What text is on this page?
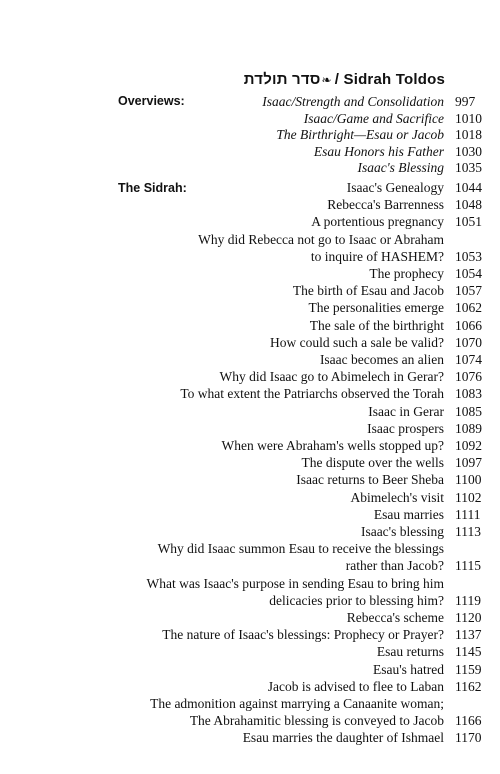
סדר תולדת❧ / Sidrah Toldos
Overviews:
The Sidrah:
Isaac/Strength and Consolidation 997
Isaac/Game and Sacrifice 1010
The Birthright—Esau or Jacob 1018
Esau Honors his Father 1030
Isaac's Blessing 1035
Isaac's Genealogy 1044
Rebecca's Barrenness 1048
A portentious pregnancy 1051
Why did Rebecca not go to Isaac or Abraham
to inquire of HASHEM? 1053
The prophecy 1054
The birth of Esau and Jacob 1057
The personalities emerge 1062
The sale of the birthright 1066
How could such a sale be valid? 1070
Isaac becomes an alien 1074
Why did Isaac go to Abimelech in Gerar? 1076
To what extent the Patriarchs observed the Torah 1083
Isaac in Gerar 1085
Isaac prospers 1089
When were Abraham's wells stopped up? 1092
The dispute over the wells 1097
Isaac returns to Beer Sheba 1100
Abimelech's visit 1102
Esau marries 1111
Isaac's blessing 1113
Why did Isaac summon Esau to receive the blessings
rather than Jacob? 1115
What was Isaac's purpose in sending Esau to bring him
delicacies prior to blessing him? 1119
Rebecca's scheme 1120
The nature of Isaac's blessings: Prophecy or Prayer? 1137
Esau returns 1145
Esau's hatred 1159
Jacob is advised to flee to Laban 1162
The admonition against marrying a Canaanite woman;
The Abrahamitic blessing is conveyed to Jacob 1166
Esau marries the daughter of Ishmael 1170
